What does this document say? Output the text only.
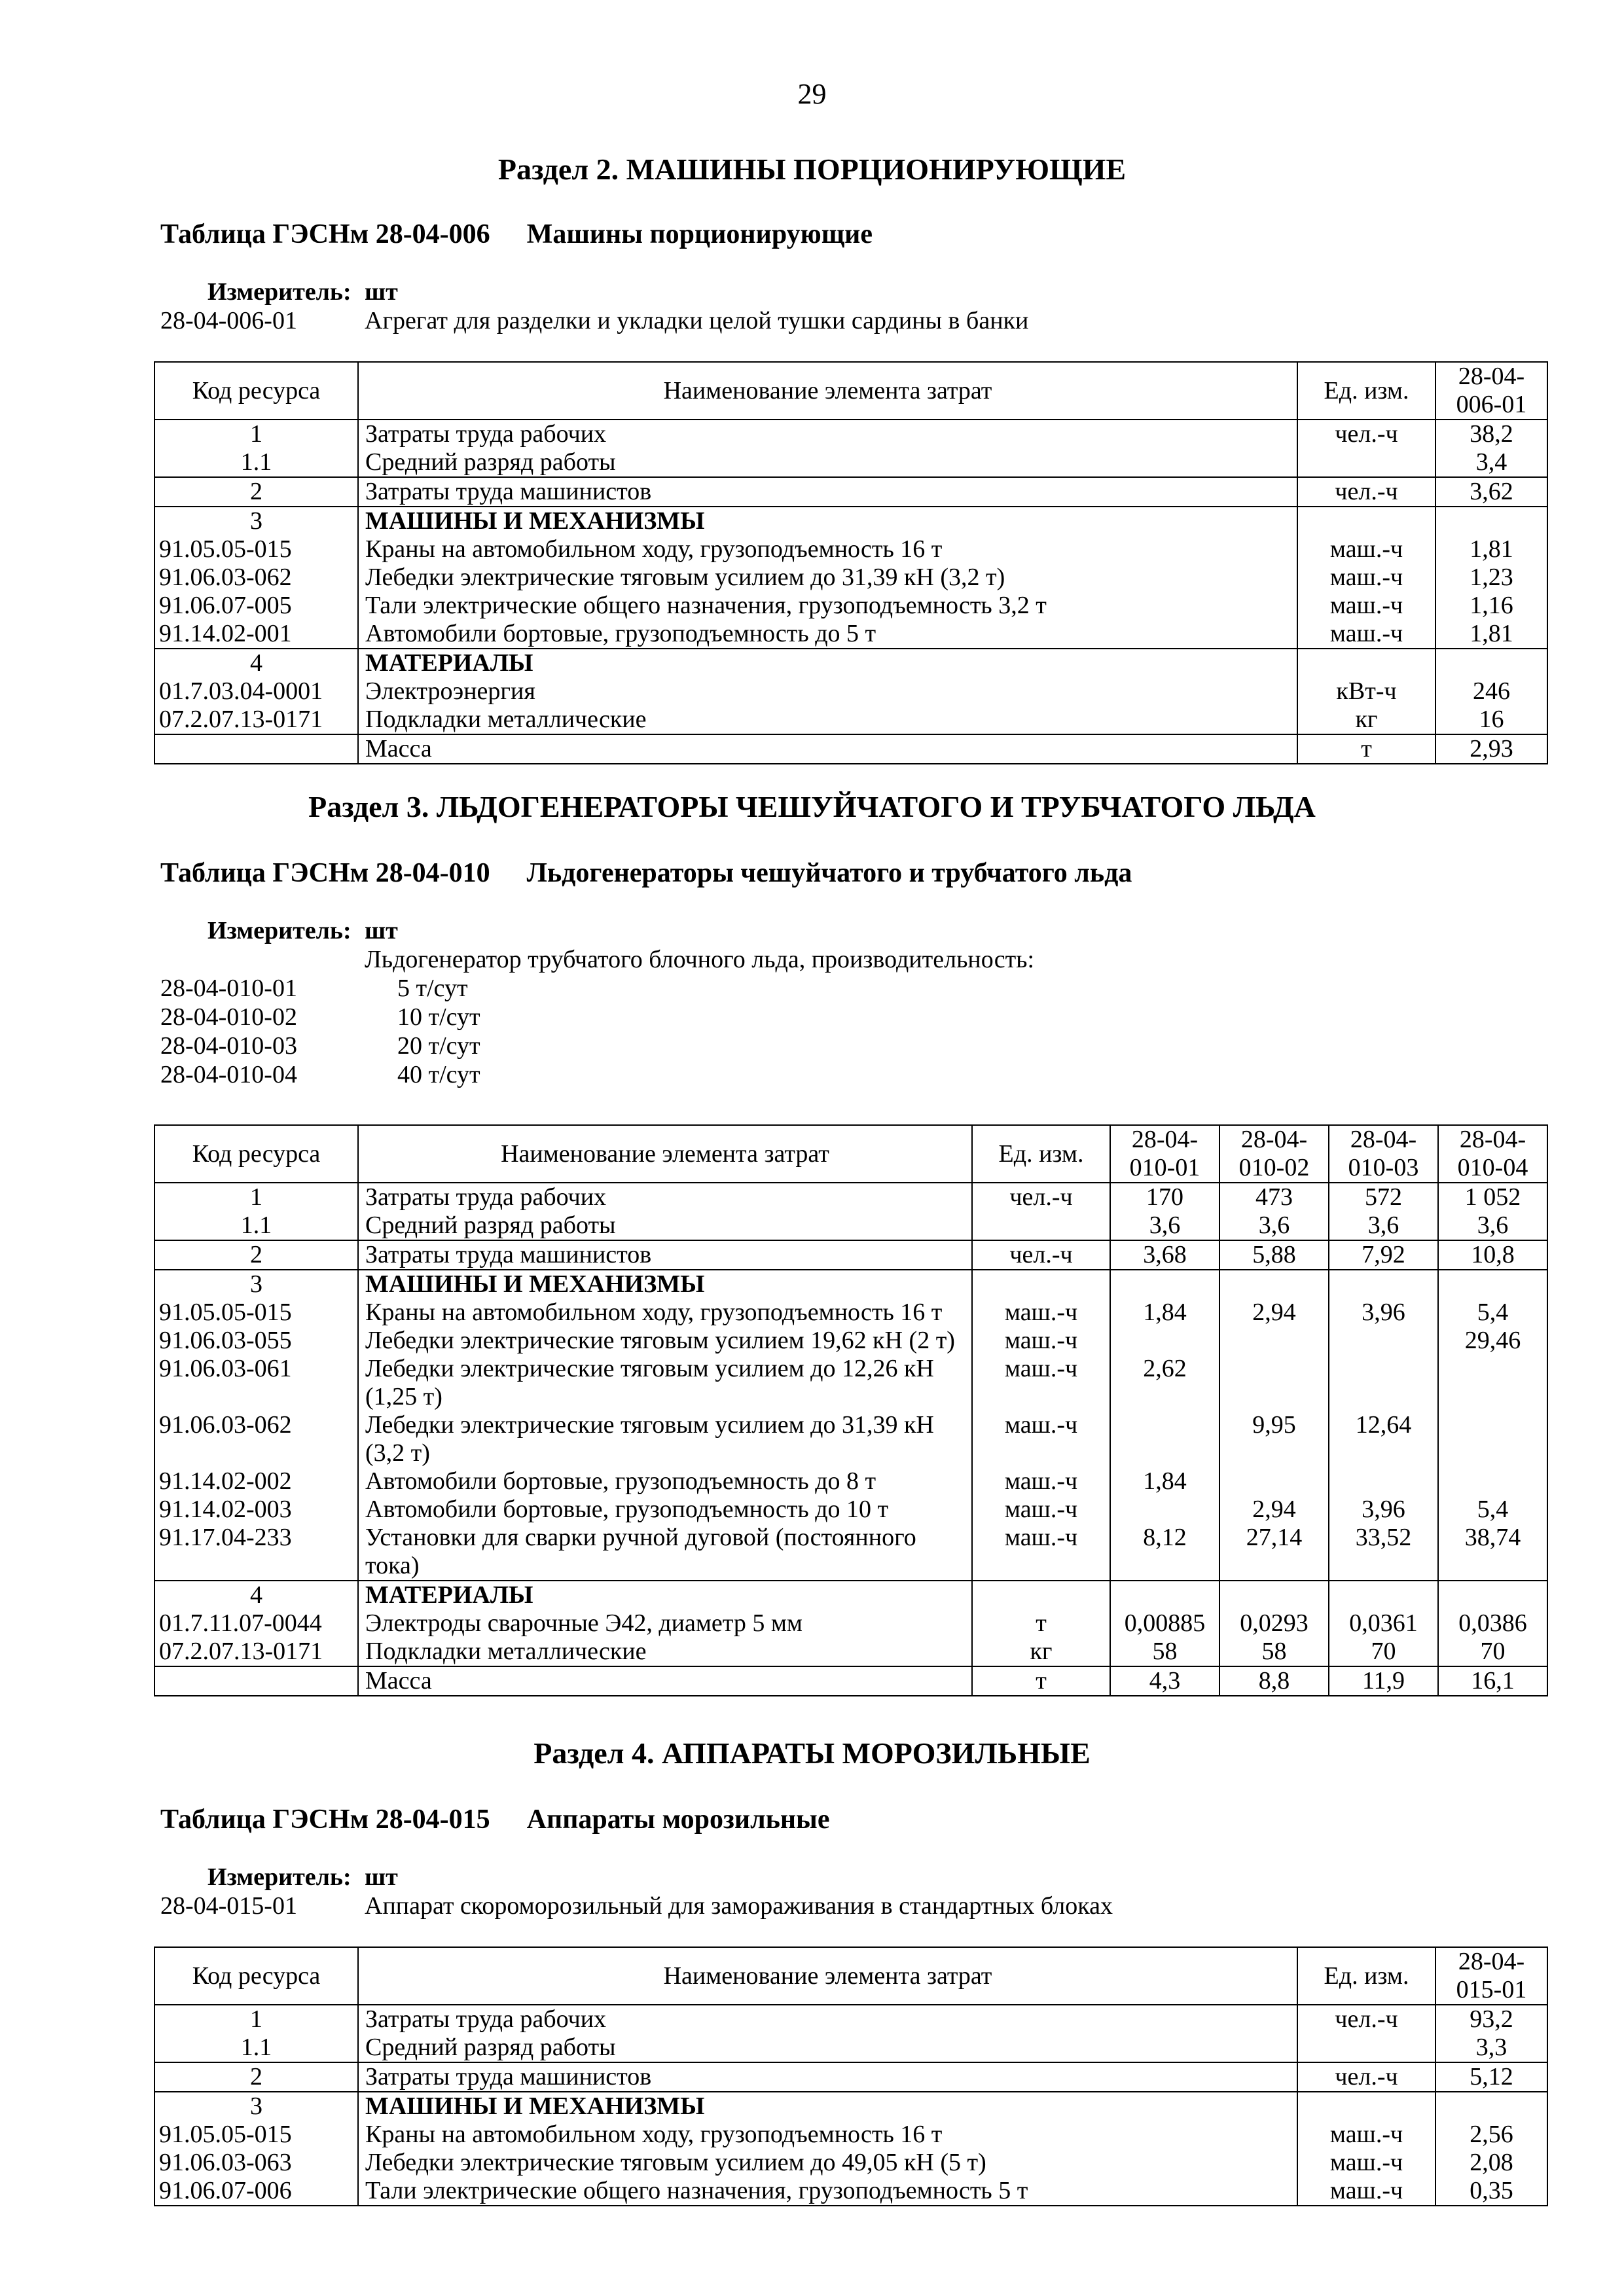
29
Раздел 2. МАШИНЫ ПОРЦИОНИРУЮЩИЕ
Таблица ГЭСНм 28-04-006 Машины порционирующие
Измеритель: шт
28-04-006-01	Агрегат для разделки и укладки целой тушки сардины в банки
Код ресурса	Наименование элемента затрат	Ед. изм.	28-04-006-01
1	Затраты труда рабочих	чел.-ч	38,2
1.1	Средний разряд работы		3,4
2	Затраты труда машинистов	чел.-ч	3,62
3	МАШИНЫ И МЕХАНИЗМЫ		
91.05.05-015	Краны на автомобильном ходу, грузоподъемность 16 т	маш.-ч	1,81
91.06.03-062	Лебедки электрические тяговым усилием до 31,39 кН (3,2 т)	маш.-ч	1,23
91.06.07-005	Тали электрические общего назначения, грузоподъемность 3,2 т	маш.-ч	1,16
91.14.02-001	Автомобили бортовые, грузоподъемность до 5 т	маш.-ч	1,81
4	МАТЕРИАЛЫ		
01.7.03.04-0001	Электроэнергия	кВт-ч	246
07.2.07.13-0171	Подкладки металлические	кг	16
	Масса	т	2,93
Раздел 3. ЛЬДОГЕНЕРАТОРЫ ЧЕШУЙЧАТОГО И ТРУБЧАТОГО ЛЬДА
Таблица ГЭСНм 28-04-010 Льдогенераторы чешуйчатого и трубчатого льда
Измеритель: шт
Льдогенератор трубчатого блочного льда, производительность:
28-04-010-01	5 т/сут
28-04-010-02	10 т/сут
28-04-010-03	20 т/сут
28-04-010-04	40 т/сут
Код ресурса	Наименование элемента затрат	Ед. изм.	28-04-010-01	28-04-010-02	28-04-010-03	28-04-010-04
1	Затраты труда рабочих	чел.-ч	170	473	572	1 052
1.1	Средний разряд работы		3,6	3,6	3,6	3,6
2	Затраты труда машинистов	чел.-ч	3,68	5,88	7,92	10,8
3	МАШИНЫ И МЕХАНИЗМЫ					
91.05.05-015	Краны на автомобильном ходу, грузоподъемность 16 т	маш.-ч	1,84	2,94	3,96	5,4
91.06.03-055	Лебедки электрические тяговым усилием 19,62 кН (2 т)	маш.-ч				29,46
91.06.03-061	Лебедки электрические тяговым усилием до 12,26 кН (1,25 т)	маш.-ч	2,62			
91.06.03-062	Лебедки электрические тяговым усилием до 31,39 кН (3,2 т)	маш.-ч		9,95	12,64	
91.14.02-002	Автомобили бортовые, грузоподъемность до 8 т	маш.-ч	1,84			
91.14.02-003	Автомобили бортовые, грузоподъемность до 10 т	маш.-ч		2,94	3,96	5,4
91.17.04-233	Установки для сварки ручной дуговой (постоянного тока)	маш.-ч	8,12	27,14	33,52	38,74
4	МАТЕРИАЛЫ					
01.7.11.07-0044	Электроды сварочные Э42, диаметр 5 мм	т	0,00885	0,0293	0,0361	0,0386
07.2.07.13-0171	Подкладки металлические	кг	58	58	70	70
	Масса	т	4,3	8,8	11,9	16,1
Раздел 4. АППАРАТЫ МОРОЗИЛЬНЫЕ
Таблица ГЭСНм 28-04-015 Аппараты морозильные
Измеритель: шт
28-04-015-01	Аппарат скороморозильный для замораживания в стандартных блоках
Код ресурса	Наименование элемента затрат	Ед. изм.	28-04-015-01
1	Затраты труда рабочих	чел.-ч	93,2
1.1	Средний разряд работы		3,3
2	Затраты труда машинистов	чел.-ч	5,12
3	МАШИНЫ И МЕХАНИЗМЫ		
91.05.05-015	Краны на автомобильном ходу, грузоподъемность 16 т	маш.-ч	2,56
91.06.03-063	Лебедки электрические тяговым усилием до 49,05 кН (5 т)	маш.-ч	2,08
91.06.07-006	Тали электрические общего назначения, грузоподъемность 5 т	маш.-ч	0,35
